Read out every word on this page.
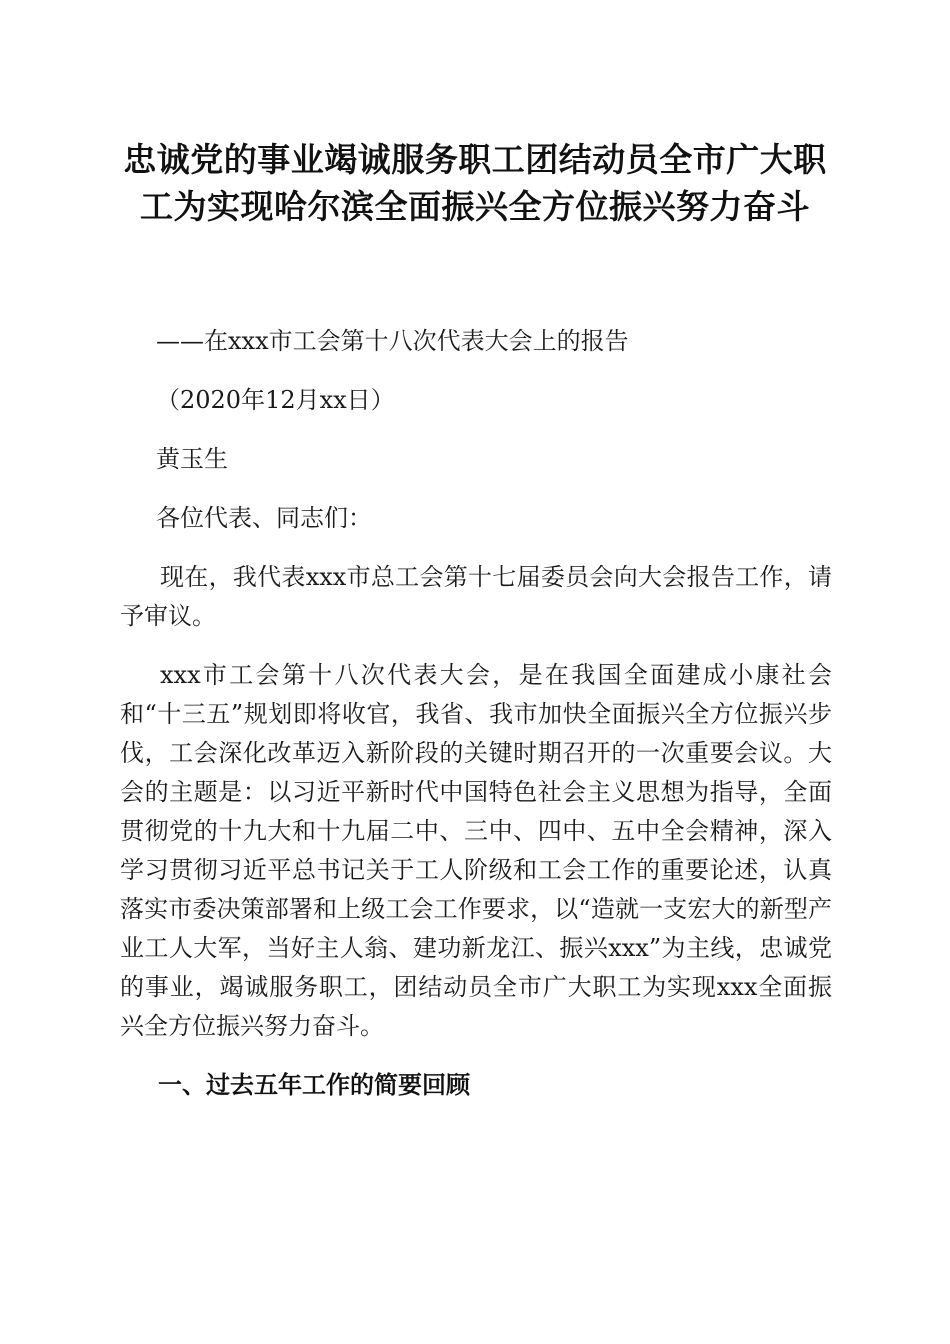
忠诚党的事业竭诚服务职工团结动员全市广大职工为实现哈尔滨全面振兴全方位振兴努力奋斗

——在xxx市工会第十八次代表大会上的报告

（2020年12月xx日）

黄玉生

各位代表、同志们：

现在，我代表xxx市总工会第十七届委员会向大会报告工作，请予审议。

xxx市工会第十八次代表大会，是在我国全面建成小康社会和“十三五”规划即将收官，我省、我市加快全面振兴全方位振兴步伐，工会深化改革迈入新阶段的关键时期召开的一次重要会议。大会的主题是：以习近平新时代中国特色社会主义思想为指导，全面贯彻党的十九大和十九届二中、三中、四中、五中全会精神，深入学习贯彻习近平总书记关于工人阶级和工会工作的重要论述，认真落实市委决策部署和上级工会工作要求，以“造就一支宏大的新型产业工人大军，当好主人翁、建功新龙江、振兴xxx”为主线，忠诚党的事业，竭诚服务职工，团结动员全市广大职工为实现xxx全面振兴全方位振兴努力奋斗。

一、过去五年工作的简要回顾
